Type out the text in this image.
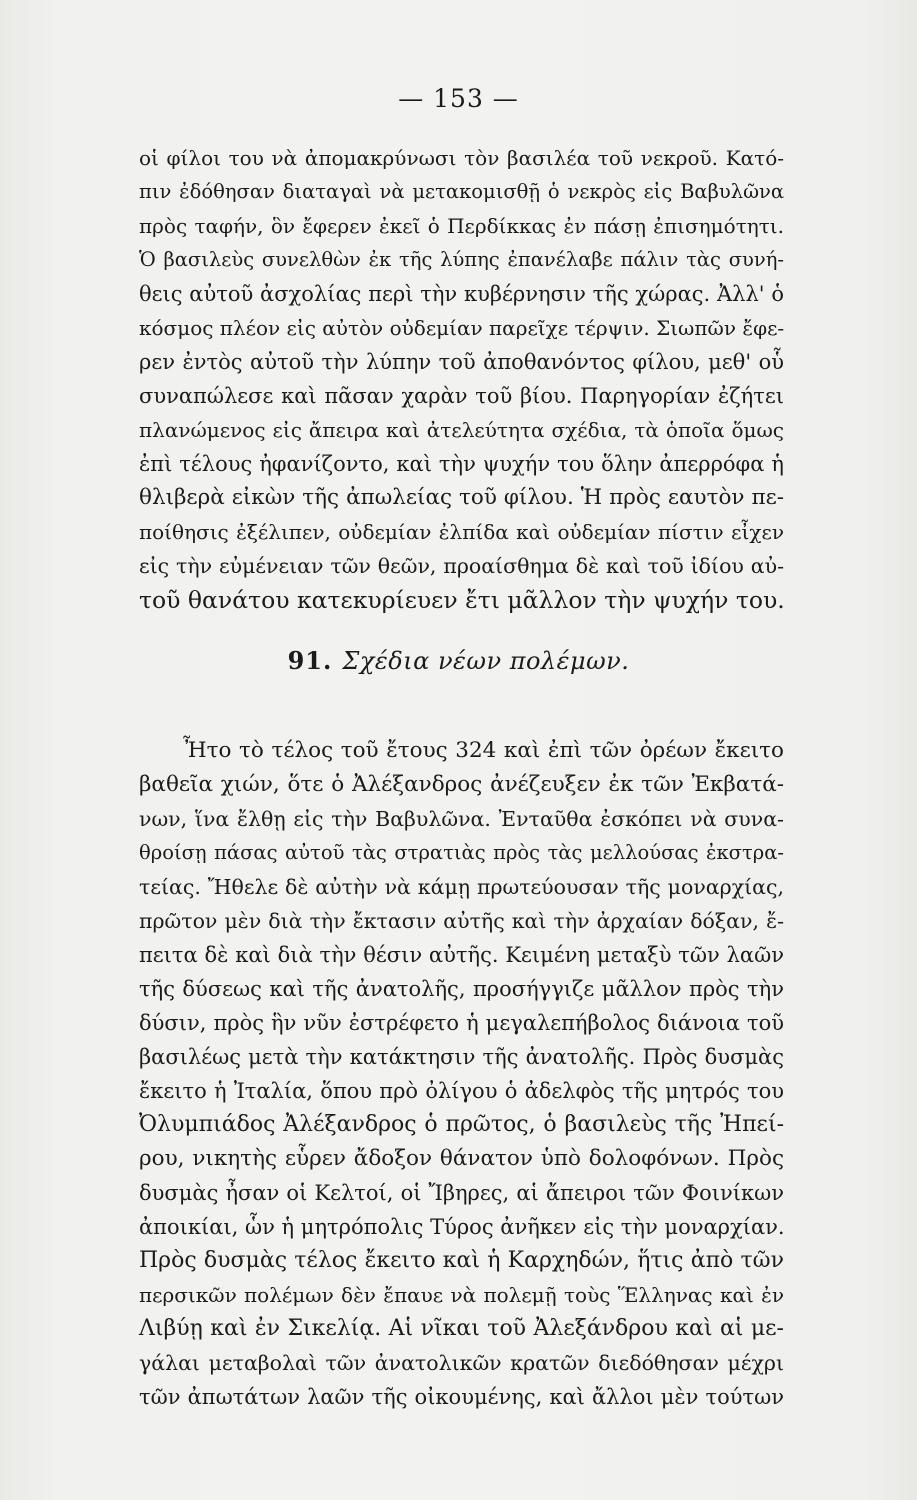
— 153 —
οἱ φίλοι του νὰ ἀπομακρύνωσι τὸν βασιλέα τοῦ νεκροῦ. Κατό-
πιν ἐδόθησαν διαταγαὶ νὰ μετακομισθῇ ὁ νεκρὸς εἰς Βαβυλῶνα
πρὸς ταφήν, ὃν ἔφερεν ἐκεῖ ὁ Περδίκκας ἐν πάσῃ ἐπισημότητι.
Ὁ βασιλεὺς συνελθὼν ἐκ τῆς λύπης ἐπανέλαβε πάλιν τὰς συνή-
θεις αὐτοῦ ἀσχολίας περὶ τὴν κυβέρνησιν τῆς χώρας. Ἀλλ' ὁ
κόσμος πλέον εἰς αὐτὸν οὐδεμίαν παρεῖχε τέρψιν. Σιωπῶν ἔφε-
ρεν ἐντὸς αὐτοῦ τὴν λύπην τοῦ ἀποθανόντος φίλου, μεθ' οὗ
συναπώλεσε καὶ πᾶσαν χαρὰν τοῦ βίου. Παρηγορίαν ἐζήτει
πλανώμενος εἰς ἄπειρα καὶ ἀτελεύτητα σχέδια, τὰ ὁποῖα ὅμως
ἐπὶ τέλους ἠφανίζοντο, καὶ τὴν ψυχήν του ὅλην ἀπερρόφα ἡ
θλιβερὰ εἰκὼν τῆς ἀπωλείας τοῦ φίλου. Ἡ πρὸς εαυτὸν πε-
ποίθησις ἐξέλιπεν, οὐδεμίαν ἐλπίδα καὶ οὐδεμίαν πίστιν εἶχεν
εἰς τὴν εὐμένειαν τῶν θεῶν, προαίσθημα δὲ καὶ τοῦ ἰδίου αὐ-
τοῦ θανάτου κατεκυρίευεν ἔτι μᾶλλον τὴν ψυχήν του.
91. Σχέδια νέων πολέμων.
Ἦτο τὸ τέλος τοῦ ἔτους 324 καὶ ἐπὶ τῶν ὀρέων ἔκειτο
βαθεῖα χιών, ὅτε ὁ Ἀλέξανδρος ἀνέζευξεν ἐκ τῶν Ἐκβατά-
νων, ἵνα ἔλθῃ εἰς τὴν Βαβυλῶνα. Ἐνταῦθα ἐσκόπει νὰ συνα-
θροίσῃ πάσας αὐτοῦ τὰς στρατιὰς πρὸς τὰς μελλούσας ἐκστρα-
τείας. Ἤθελε δὲ αὐτὴν νὰ κάμῃ πρωτεύουσαν τῆς μοναρχίας,
πρῶτον μὲν διὰ τὴν ἔκτασιν αὐτῆς καὶ τὴν ἀρχαίαν δόξαν, ἔ-
πειτα δὲ καὶ διὰ τὴν θέσιν αὐτῆς. Κειμένη μεταξὺ τῶν λαῶν
τῆς δύσεως καὶ τῆς ἀνατολῆς, προσήγγιζε μᾶλλον πρὸς τὴν
δύσιν, πρὸς ἣν νῦν ἐστρέφετο ἡ μεγαλεπήβολος διάνοια τοῦ
βασιλέως μετὰ τὴν κατάκτησιν τῆς ἀνατολῆς. Πρὸς δυσμὰς
ἔκειτο ἡ Ἰταλία, ὅπου πρὸ ὀλίγου ὁ ἀδελφὸς τῆς μητρός του
Ὀλυμπιάδος Ἀλέξανδρος ὁ πρῶτος, ὁ βασιλεὺς τῆς Ἠπεί-
ρου, νικητὴς εὗρεν ἄδοξον θάνατον ὑπὸ δολοφόνων. Πρὸς
δυσμὰς ἦσαν οἱ Κελτοί, οἱ Ἴβηρες, αἱ ἄπειροι τῶν Φοινίκων
ἀποικίαι, ὧν ἡ μητρόπολις Τύρος ἀνῆκεν εἰς τὴν μοναρχίαν.
Πρὸς δυσμὰς τέλος ἔκειτο καὶ ἡ Καρχηδών, ἥτις ἀπὸ τῶν
περσικῶν πολέμων δὲν ἔπαυε νὰ πολεμῇ τοὺς Ἕλληνας καὶ ἐν
Λιβύῃ καὶ ἐν Σικελίᾳ. Αἱ νῖκαι τοῦ Ἀλεξάνδρου καὶ αἱ με-
γάλαι μεταβολαὶ τῶν ἀνατολικῶν κρατῶν διεδόθησαν μέχρι
τῶν ἀπωτάτων λαῶν τῆς οἰκουμένης, καὶ ἄλλοι μὲν τούτων
